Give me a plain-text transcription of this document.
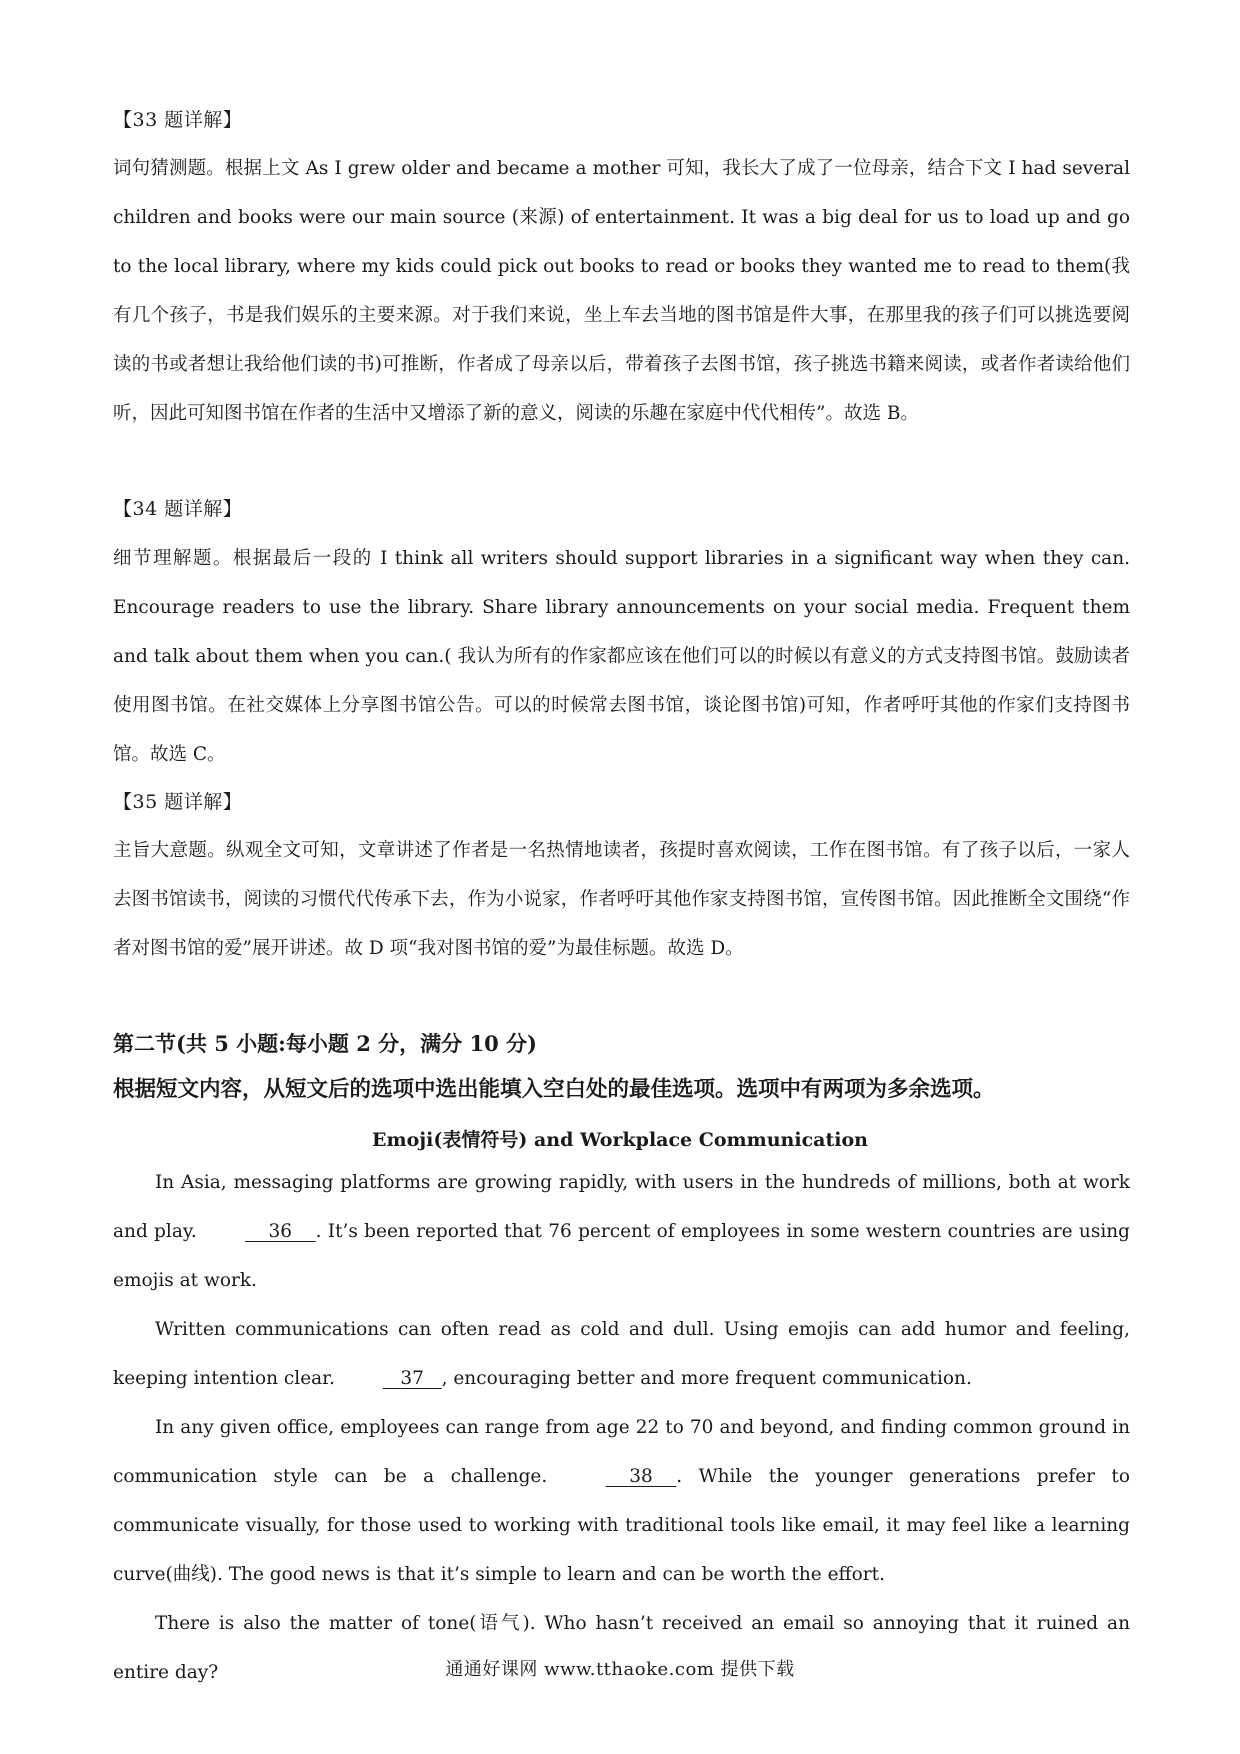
【33 题详解】
词句猜测题。根据上文 As I grew older and became a mother 可知，我长大了成了一位母亲，结合下文 I had several children and books were our main source (来源) of entertainment. It was a big deal for us to load up and go to the local library, where my kids could pick out books to read or books they wanted me to read to them(我有几个孩子，书是我们娱乐的主要来源。对于我们来说，坐上车去当地的图书馆是件大事，在那里我的孩子们可以挑选要阅读的书或者想让我给他们读的书)可推断，作者成了母亲以后，带着孩子去图书馆，孩子挑选书籍来阅读，或者作者读给他们听，因此可知图书馆在作者的生活中又增添了新的意义，阅读的乐趣在家庭中代代相传”。故选 B。
【34 题详解】
细节理解题。根据最后一段的 I think all writers should support libraries in a significant way when they can. Encourage readers to use the library. Share library announcements on your social media. Frequent them and talk about them when you can.( 我认为所有的作家都应该在他们可以的时候以有意义的方式支持图书馆。鼓励读者使用图书馆。在社交媒体上分享图书馆公告。可以的时候常去图书馆，谈论图书馆)可知，作者呼吁其他的作家们支持图书馆。故选 C。
【35 题详解】
主旨大意题。纵观全文可知，文章讲述了作者是一名热情地读者，孩提时喜欢阅读，工作在图书馆。有了孩子以后，一家人去图书馆读书，阅读的习惯代代传承下去，作为小说家，作者呼吁其他作家支持图书馆，宣传图书馆。因此推断全文围绕“作者对图书馆的爱”展开讲述。故 D 项“我对图书馆的爱”为最佳标题。故选 D。
第二节(共 5 小题:每小题 2 分，满分 10 分)
根据短文内容，从短文后的选项中选出能填入空白处的最佳选项。选项中有两项为多余选项。
Emoji(表情符号) and Workplace Communication
In Asia, messaging platforms are growing rapidly, with users in the hundreds of millions, both at work and play.	36    . It’s been reported that 76 percent of employees in some western countries are using emojis at work.
Written communications can often read as cold and dull. Using emojis can add humor and feeling, keeping intention clear.	37   , encouraging better and more frequent communication.
In any given office, employees can range from age 22 to 70 and beyond, and finding common ground in communication style can be a challenge.	38    . While the younger generations prefer to communicate visually, for those used to working with traditional tools like email, it may feel like a learning curve(曲线). The good news is that it’s simple to learn and can be worth the effort.
There is also the matter of tone(语气). Who hasn’t received an email so annoying that it ruined an entire day?	通通好课网 www.tthaoke.com 提供下载
